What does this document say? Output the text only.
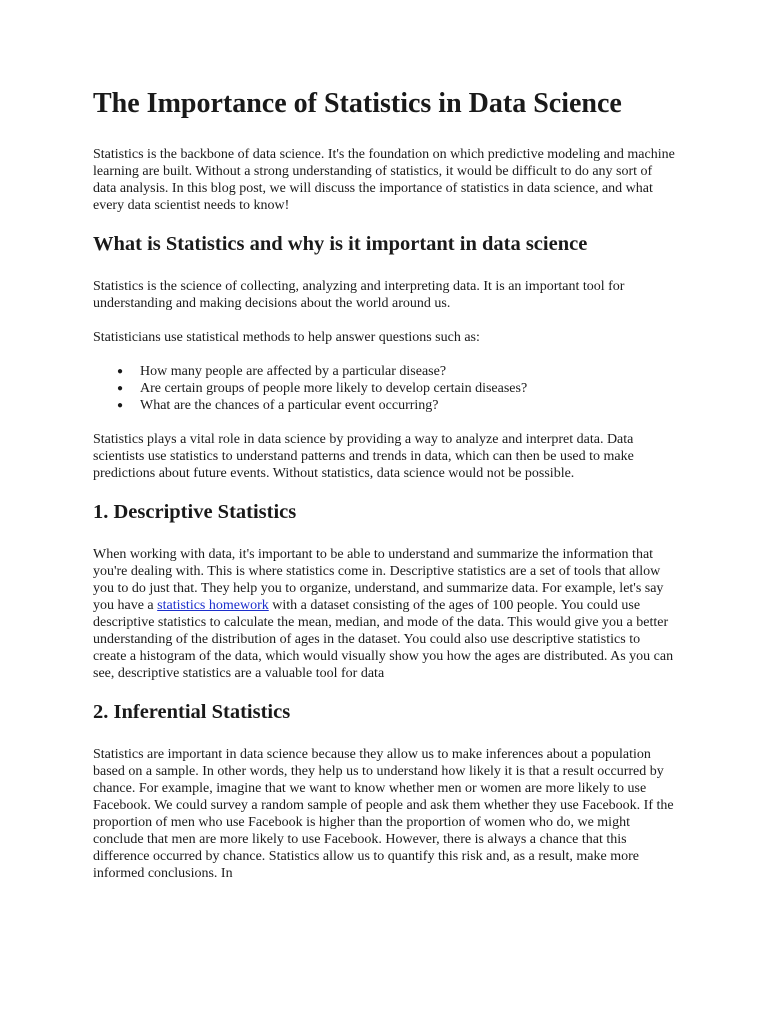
The Importance of Statistics in Data Science

Statistics is the backbone of data science. It's the foundation on which predictive modeling and machine learning are built. Without a strong understanding of statistics, it would be difficult to do any sort of data analysis. In this blog post, we will discuss the importance of statistics in data science, and what every data scientist needs to know!

What is Statistics and why is it important in data science

Statistics is the science of collecting, analyzing and interpreting data. It is an important tool for understanding and making decisions about the world around us.

Statisticians use statistical methods to help answer questions such as:

● How many people are affected by a particular disease?
● Are certain groups of people more likely to develop certain diseases?
● What are the chances of a particular event occurring?

Statistics plays a vital role in data science by providing a way to analyze and interpret data. Data scientists use statistics to understand patterns and trends in data, which can then be used to make predictions about future events. Without statistics, data science would not be possible.

1. Descriptive Statistics

When working with data, it's important to be able to understand and summarize the information that you're dealing with. This is where statistics come in. Descriptive statistics are a set of tools that allow you to do just that. They help you to organize, understand, and summarize data. For example, let's say you have a statistics homework with a dataset consisting of the ages of 100 people. You could use descriptive statistics to calculate the mean, median, and mode of the data. This would give you a better understanding of the distribution of ages in the dataset. You could also use descriptive statistics to create a histogram of the data, which would visually show you how the ages are distributed. As you can see, descriptive statistics are a valuable tool for data

2. Inferential Statistics

Statistics are important in data science because they allow us to make inferences about a population based on a sample. In other words, they help us to understand how likely it is that a result occurred by chance. For example, imagine that we want to know whether men or women are more likely to use Facebook. We could survey a random sample of people and ask them whether they use Facebook. If the proportion of men who use Facebook is higher than the proportion of women who do, we might conclude that men are more likely to use Facebook. However, there is always a chance that this difference occurred by chance. Statistics allow us to quantify this risk and, as a result, make more informed conclusions. In
